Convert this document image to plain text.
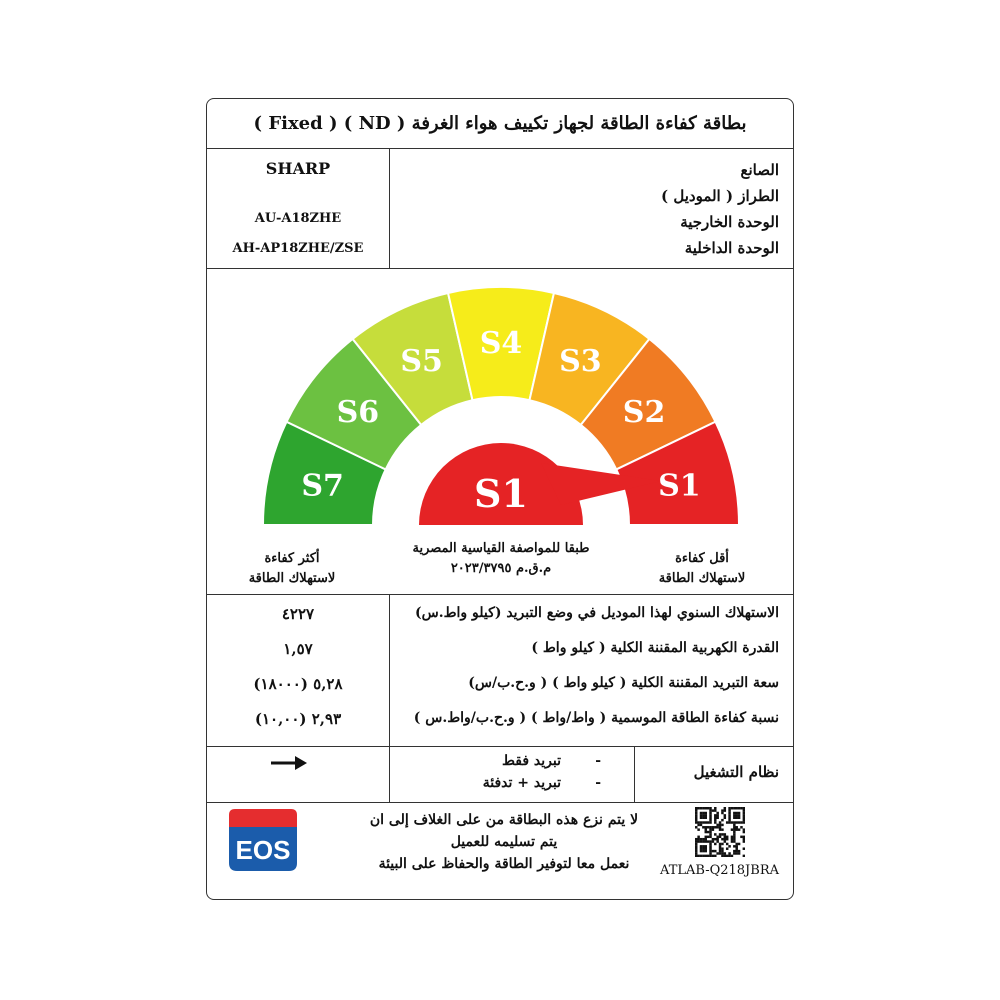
بطاقة كفاءة الطاقة لجهاز تكييف هواء الغرفة ( ND ) ( Fixed )
الصانع
الطراز ( الموديل )
الوحدة الخارجية
الوحدة الداخلية
SHARP
AU-A18ZHE
AH-AP18ZHE/ZSE
S7
S6
S5
S4
S3
S2
S1
S1
أكثر كفاءة
لاستهلاك الطاقة
طبقا للمواصفة القياسية المصرية
م.ق.م ٢٠٢٣/٣٧٩٥
أقل كفاءة
لاستهلاك الطاقة
الاستهلاك السنوي لهذا الموديل في وضع التبريد (كيلو واط.س)
القدرة الكهربية المقننة الكلية ( كيلو واط )
سعة التبريد المقننة الكلية ( كيلو واط ) ( و.ح.ب/س)
نسبة كفاءة الطاقة الموسمية ( واط/واط ) ( و.ح.ب/واط.س )
٤٢٢٧
١,٥٧
٥,٢٨ (١٨٠٠٠)
٢,٩٣ (١٠,٠٠)
نظام التشغيل
تبريد فقط -
تبريد + تدفئة -
EOS
لا يتم نزع هذه البطاقة من على الغلاف إلى ان
يتم تسليمه للعميل
نعمل معا لتوفير الطاقة والحفاظ على البيئة	ATLAB-Q218JBRA
